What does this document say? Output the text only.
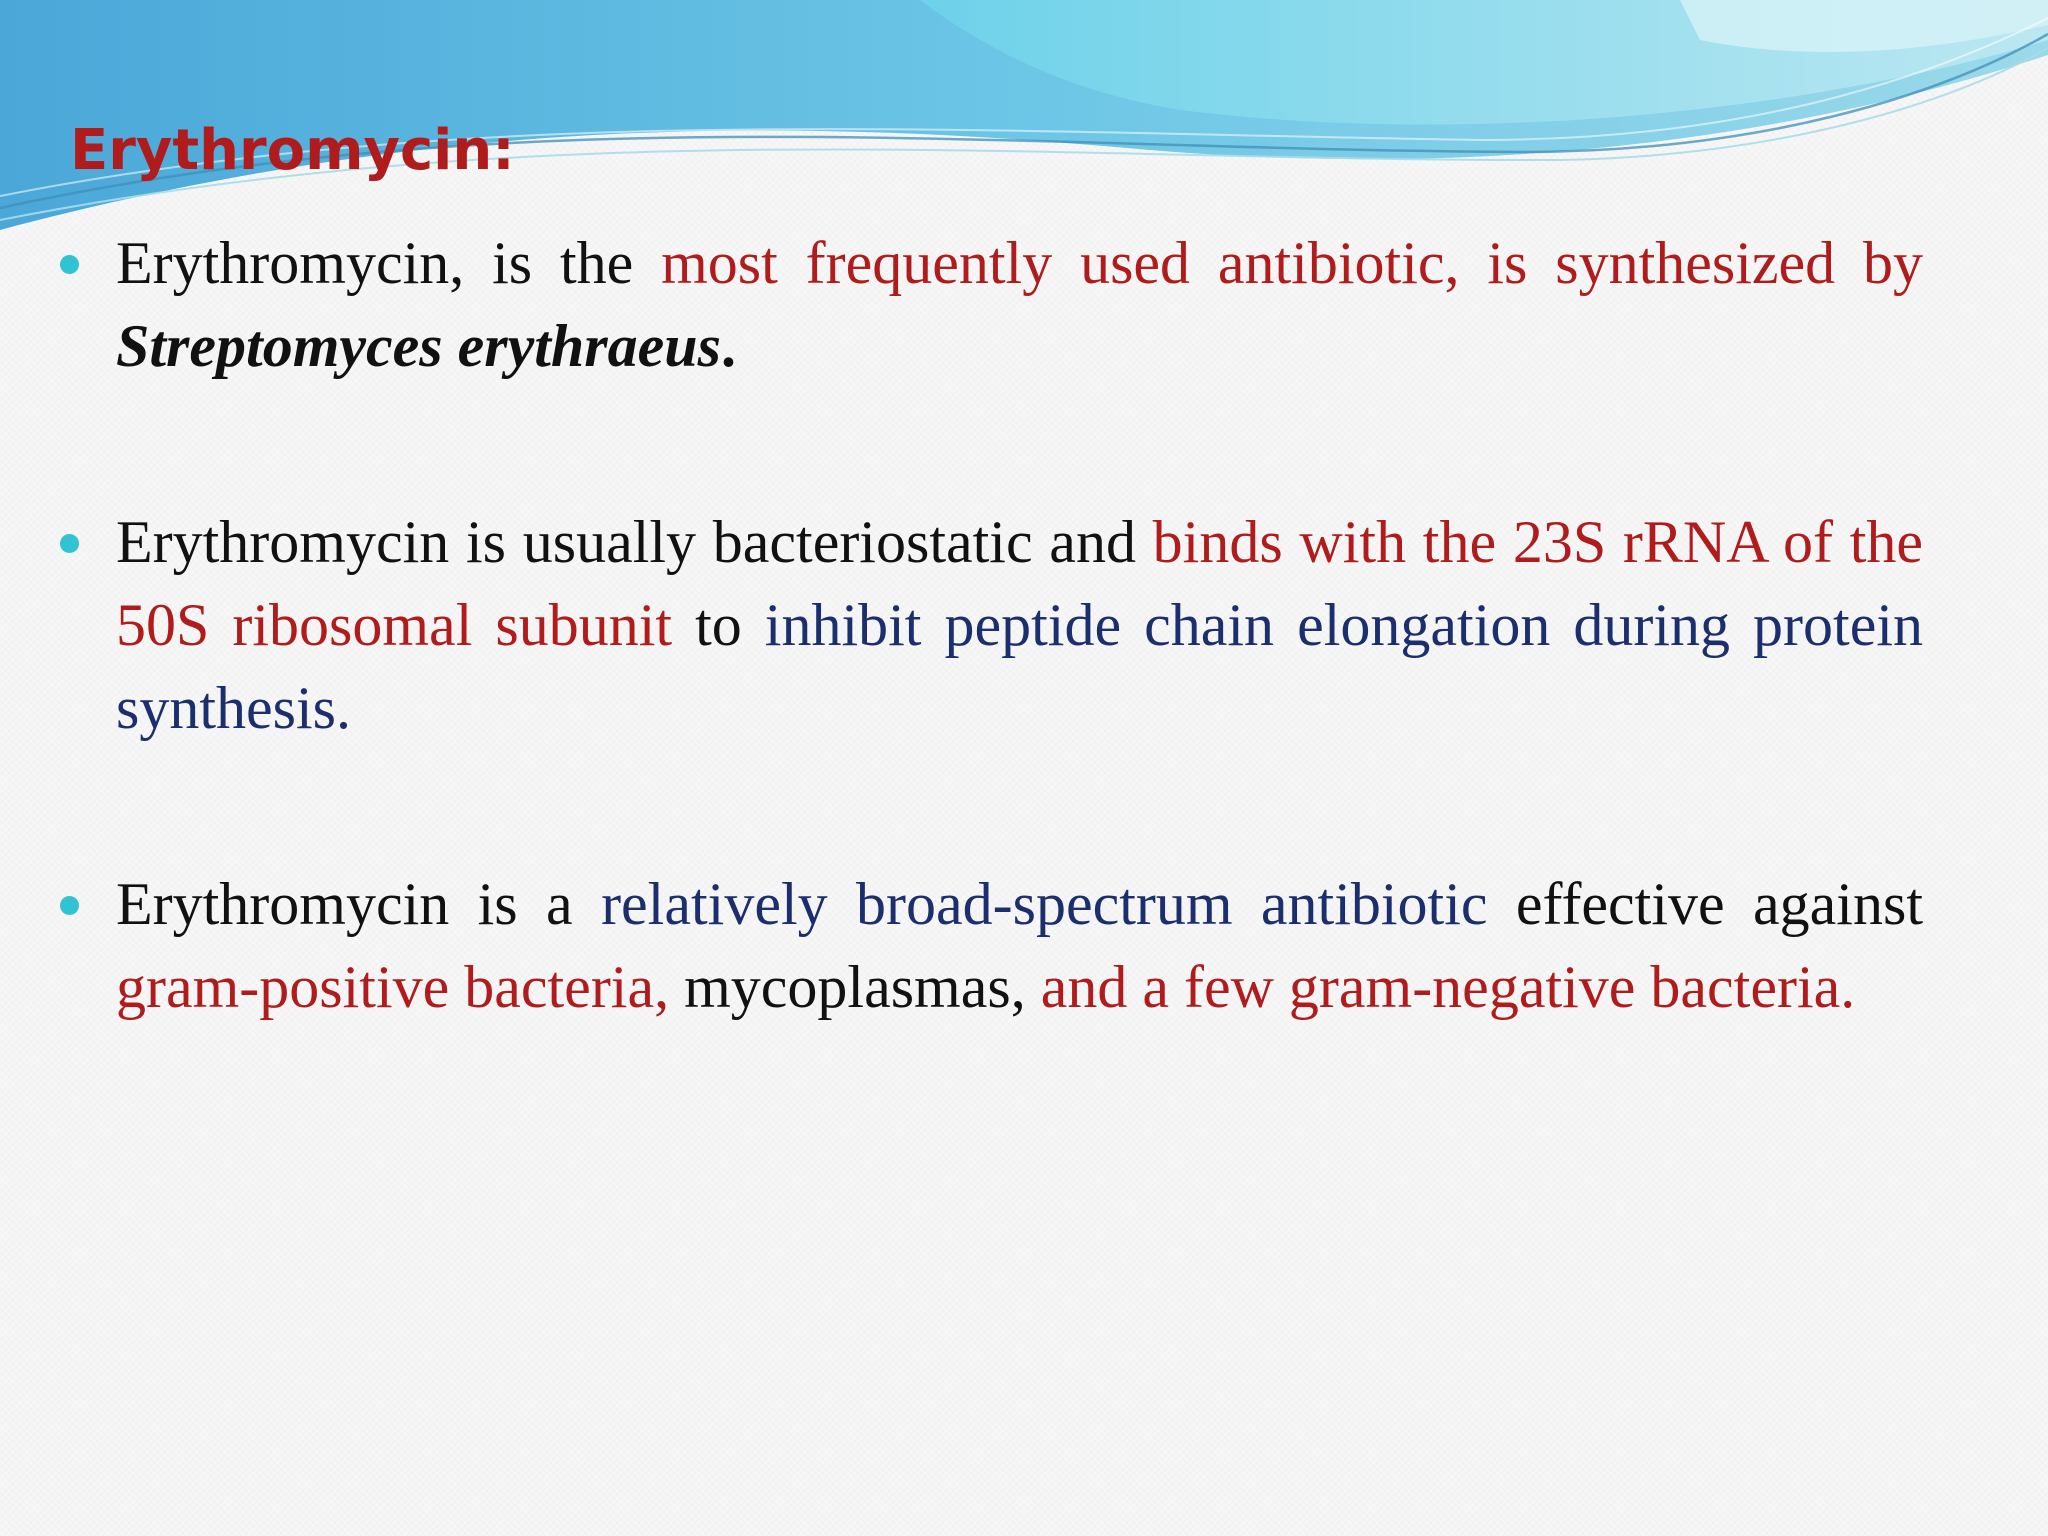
Erythromycin:
Erythromycin, is the most frequently used antibiotic, is synthesized by Streptomyces erythraeus.
Erythromycin is usually bacteriostatic and binds with the 23S rRNA of the 50S ribosomal subunit to inhibit peptide chain elongation during protein synthesis.
Erythromycin is a relatively broad-spectrum antibiotic effective against gram-positive bacteria, mycoplasmas, and a few gram-negative bacteria.
